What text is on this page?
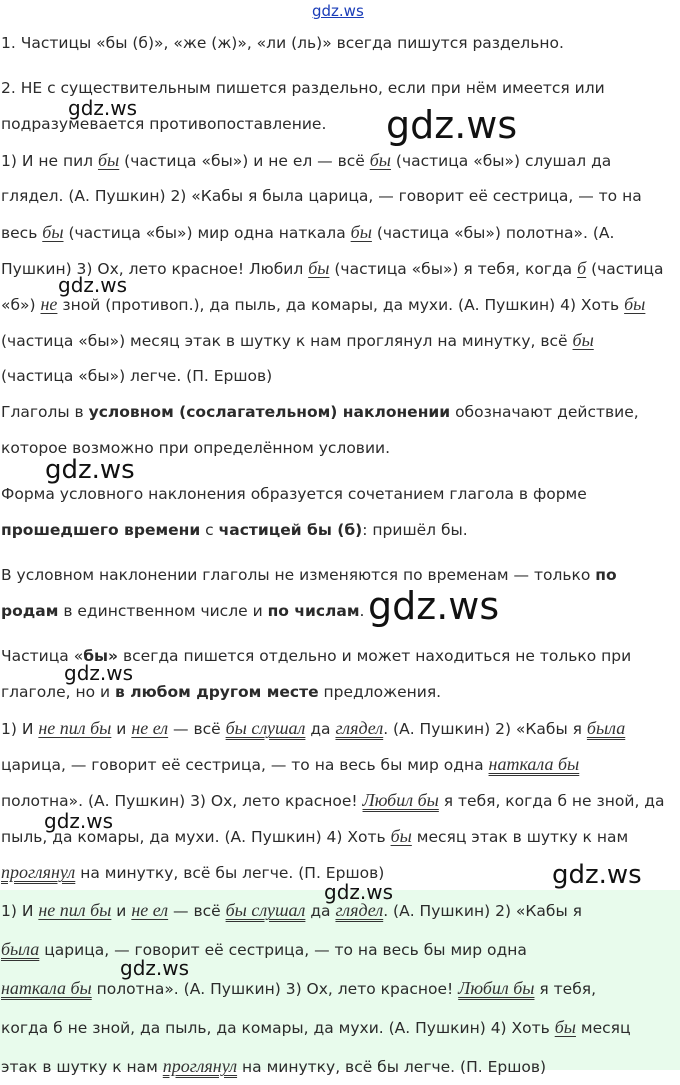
gdz.ws
gdz.ws	gdz.ws
gdz.ws
gdz.ws
gdz.ws
gdz.ws
gdz.ws
gdz.ws
gdz.ws
gdz.ws

1. Частицы «бы (б)», «же (ж)», «ли (ль)» всегда пишутся раздельно.

2. НЕ с существительным пишется раздельно, если при нём имеется или

подразумевается противопоставление.

1) И не пил бы (частица «бы») и не ел — всё бы (частица «бы») слушал да

глядел. (А. Пушкин) 2) «Кабы я была царица, — говорит её сестрица, — то на

весь бы (частица «бы») мир одна наткала бы (частица «бы») полотна». (А.

Пушкин) 3) Ох, лето красное! Любил бы (частица «бы») я тебя, когда б (частица

«б») не зной (противоп.), да пыль, да комары, да мухи. (А. Пушкин) 4) Хоть бы

(частица «бы») месяц этак в шутку к нам проглянул на минутку, всё бы

(частица «бы») легче. (П. Ершов)

Глаголы в условном (сослагательном) наклонении обозначают действие,

которое возможно при определённом условии.

Форма условного наклонения образуется сочетанием глагола в форме

прошедшего времени с частицей бы (б): пришёл бы.

В условном наклонении глаголы не изменяются по временам — только по

родам в единственном числе и по числам.

Частица «бы» всегда пишется отдельно и может находиться не только при

глаголе, но и в любом другом месте предложения.

1) И не пил бы и не ел — всё бы слушал да глядел. (А. Пушкин) 2) «Кабы я была

царица, — говорит её сестрица, — то на весь бы мир одна наткала бы

полотна». (А. Пушкин) 3) Ох, лето красное! Любил бы я тебя, когда б не зной, да

пыль, да комары, да мухи. (А. Пушкин) 4) Хоть бы месяц этак в шутку к нам

проглянул на минутку, всё бы легче. (П. Ершов)

1) И не пил бы и не ел — всё бы слушал да глядел. (А. Пушкин) 2) «Кабы я

была царица, — говорит её сестрица, — то на весь бы мир одна

наткала бы полотна». (А. Пушкин) 3) Ох, лето красное! Любил бы я тебя,

когда б не зной, да пыль, да комары, да мухи. (А. Пушкин) 4) Хоть бы месяц

этак в шутку к нам проглянул на минутку, всё бы легче. (П. Ершов)
